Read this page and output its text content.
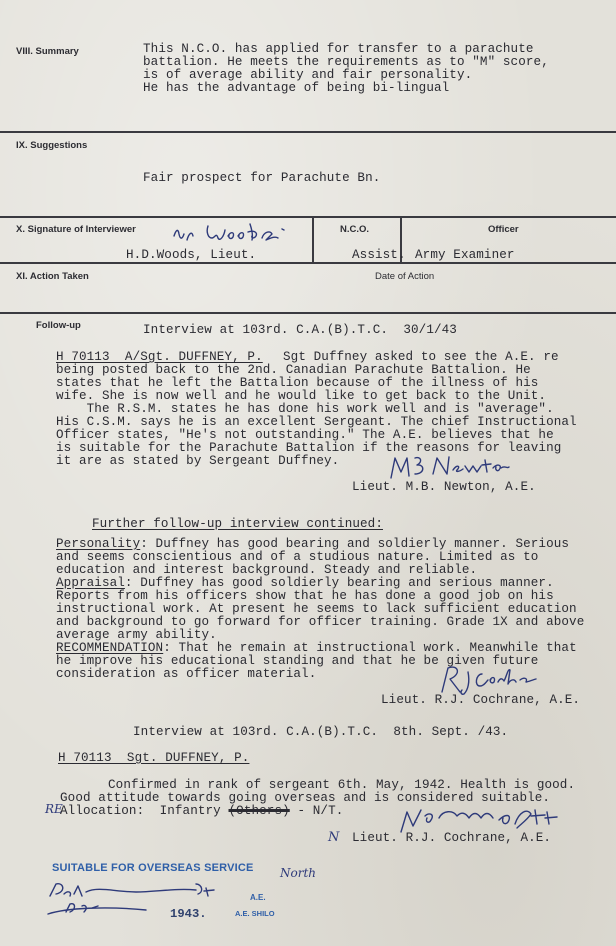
VIII. Summary	This N.C.O. has applied for transfer to a parachute
battalion. He meets the requirements as to "M" score,
is of average ability and fair personality.
He has the advantage of being bi-lingual
IX. Suggestions
Fair prospect for Parachute Bn.
X. Signature of Interviewer	N.C.O.	Officer
H.D.Woods, Lieut.	Assist. Army Examiner
XI. Action Taken	Date of Action
Follow-up	Interview at 103rd. C.A.(B).T.C.  30/1/43
H 70113  A/Sgt. DUFFNEY, P. Sgt Duffney asked to see the A.E. re
being posted back to the 2nd. Canadian Parachute Battalion. He
states that he left the Battalion because of the illness of his
wife. She is now well and he would like to get back to the Unit.
The R.S.M. states he has done his work well and is "average".
His C.S.M. says he is an excellent Sergeant. The chief Instructional
Officer states, "He's not outstanding." The A.E. believes that he
is suitable for the Parachute Battalion if the reasons for leaving
it are as stated by Sergeant Duffney.
Lieut. M.B. Newton, A.E.
Further follow-up interview continued:
Personality: Duffney has good bearing and soldierly manner. Serious
and seems conscientious and of a studious nature. Limited as to
education and interest background. Steady and reliable.
Appraisal: Duffney has good soldierly bearing and serious manner.
Reports from his officers show that he has done a good job on his
instructional work. At present he seems to lack sufficient education
and background to go forward for officer training. Grade 1X and above
average army ability.
RECOMMENDATION: That he remain at instructional work. Meanwhile that
he improve his educational standing and that he be given future
consideration as officer material.
Lieut. R.J. Cochrane, A.E.
Interview at 103rd. C.A.(B).T.C.  8th. Sept. /43.
H 70113  Sgt. DUFFNEY, P.
Confirmed in rank of sergeant 6th. May, 1942. Health is good.
Good attitude towards going overseas and is considered suitable.
RE
Allocation: Infantry (Others) - N/T.
N Lieut. R.J. Cochrane, A.E.
SUITABLE FOR OVERSEAS SERVICE North
A.E.
1943.	A.E. SHILO
